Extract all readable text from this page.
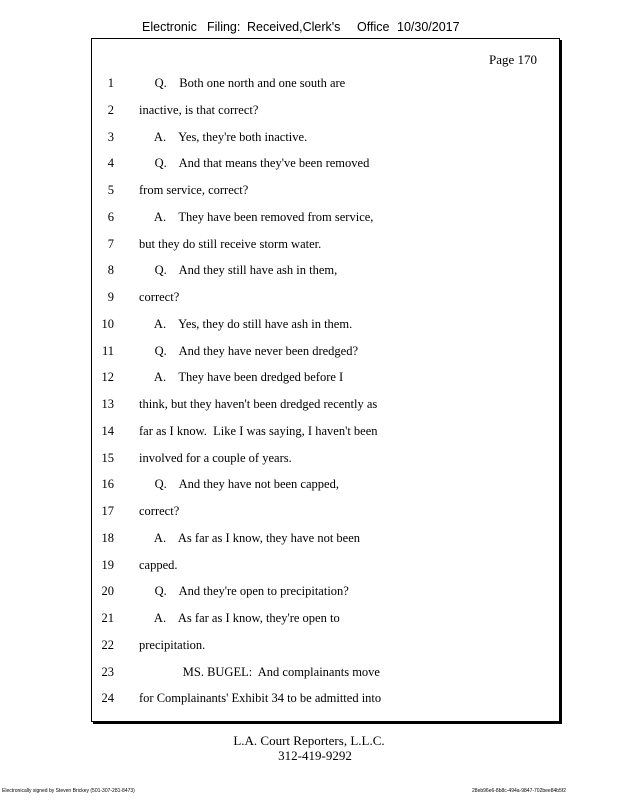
Electronic Filing: Received,Clerk's Office 10/30/2017
Page 170
1 Q.    Both one north and one south are
2 inactive, is that correct?
3 A.    Yes, they're both inactive.
4 Q.    And that means they've been removed
5 from service, correct?
6 A.    They have been removed from service,
7 but they do still receive storm water.
8 Q.    And they still have ash in them,
9 correct?
10 A.    Yes, they do still have ash in them.
11 Q.    And they have never been dredged?
12 A.    They have been dredged before I
13 think, but they haven't been dredged recently as
14 far as I know.  Like I was saying, I haven't been
15 involved for a couple of years.
16 Q.    And they have not been capped,
17 correct?
18 A.    As far as I know, they have not been
19 capped.
20 Q.    And they're open to precipitation?
21 A.    As far as I know, they're open to
22 precipitation.
23 MS. BUGEL:  And complainants move
24 for Complainants' Exhibit 34 to be admitted into
L.A. Court Reporters, L.L.C.
312-419-9292
Electronically signed by Steven Brickey (501-307-281-8473)	28eb96e6-8b8c-494a-9847-702bee84b5f2
